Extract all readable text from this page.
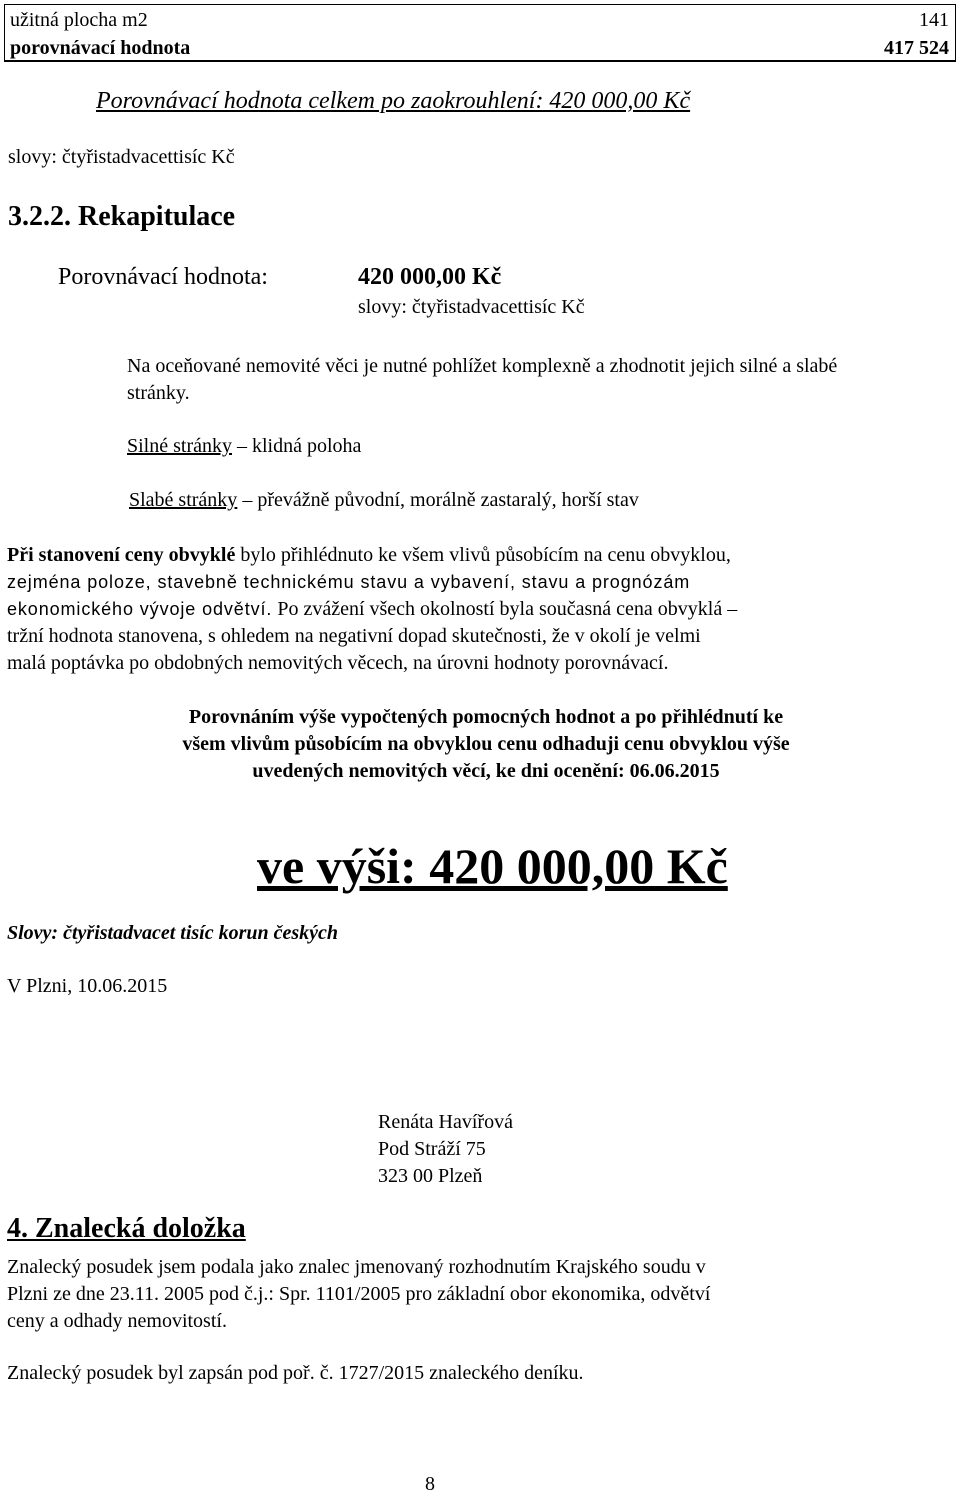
užitná plocha m2	141
porovnávací hodnota	417 524
Porovnávací hodnota celkem po zaokrouhlení: 420 000,00 Kč
slovy: čtyřistadvacettisíc Kč
3.2.2. Rekapitulace
Porovnávací hodnota:	420 000,00 Kč
slovy: čtyřistadvacettisíc Kč
Na oceňované nemovité věci je nutné pohlížet komplexně a zhodnotit jejich silné a slabé stránky.
Silné stránky – klidná poloha
Slabé stránky – převážně původní, morálně zastaralý, horší stav
Při stanovení ceny obvyklé bylo přihlédnuto ke všem vlivů působícím na cenu obvyklou,
zejména poloze, stavebně technickému stavu a vybavení, stavu a prognózám
ekonomického vývoje odvětví. Po zvážení všech okolností byla současná cena obvyklá –
tržní hodnota stanovena, s ohledem na negativní dopad skutečnosti, že v okolí je velmi
malá poptávka po obdobných nemovitých věcech, na úrovni hodnoty porovnávací.
Porovnáním výše vypočtených pomocných hodnot a po přihlédnutí ke
všem vlivům působícím na obvyklou cenu odhaduji cenu obvyklou výše
uvedených nemovitých věcí, ke dni ocenění: 06.06.2015
ve výši: 420 000,00 Kč
Slovy: čtyřistadvacet tisíc korun českých
V Plzni, 10.06.2015
Renáta Havířová
Pod Stráží 75
323 00 Plzeň
4. Znalecká doložka
Znalecký posudek jsem podala jako znalec jmenovaný rozhodnutím Krajského soudu v
Plzni ze dne 23.11. 2005 pod č.j.: Spr. 1101/2005 pro základní obor ekonomika, odvětví
ceny a odhady nemovitostí.
Znalecký posudek byl zapsán pod poř. č. 1727/2015 znaleckého deníku.
8
